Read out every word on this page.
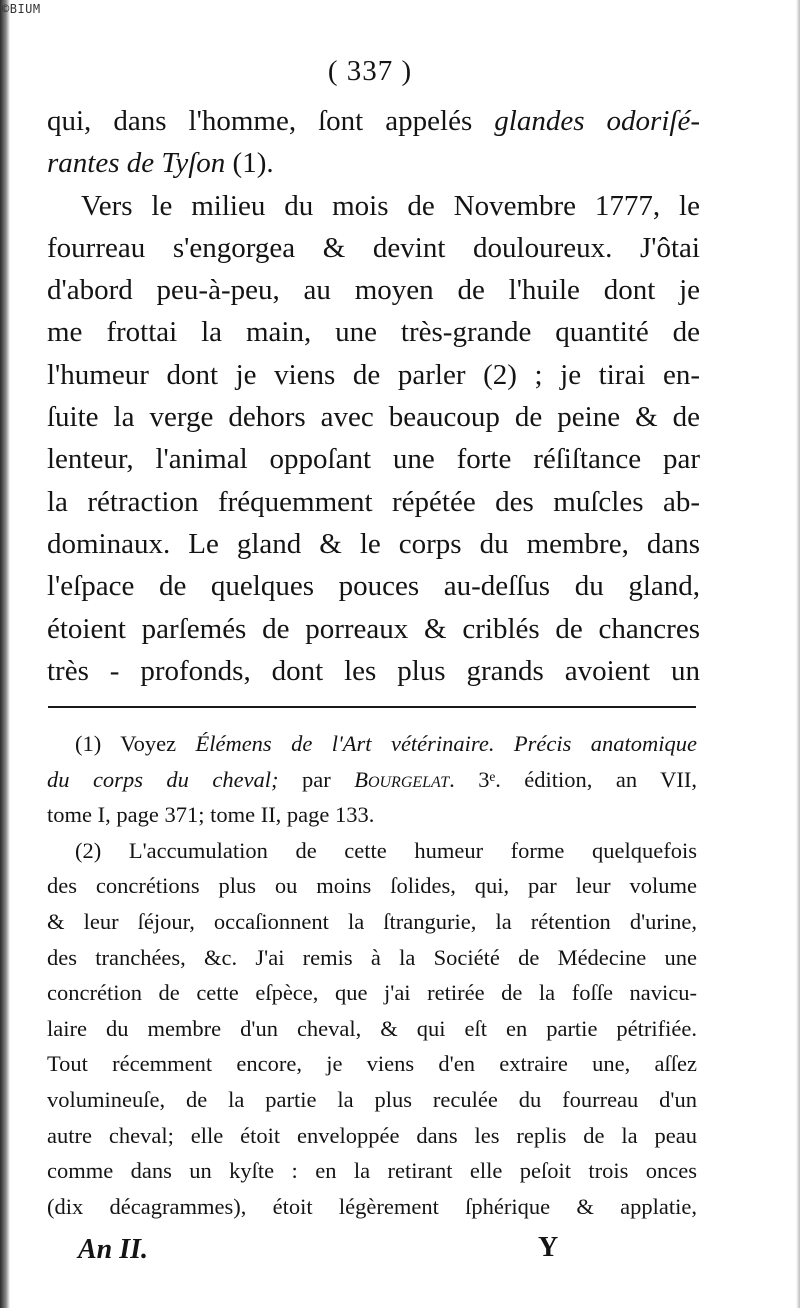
©BIUM
( 337 )
qui, dans l'homme, ſont appelés glandes odoriſé-
rantes de Tyſon (1).
Vers le milieu du mois de Novembre 1777, le
fourreau s'engorgea & devint douloureux. J'ôtai
d'abord peu-à-peu, au moyen de l'huile dont je
me frottai la main, une très-grande quantité de
l'humeur dont je viens de parler (2) ; je tirai en-
ſuite la verge dehors avec beaucoup de peine & de
lenteur, l'animal oppoſant une forte réſiſtance par
la rétraction fréquemment répétée des muſcles ab-
dominaux. Le gland & le corps du membre, dans
l'eſpace de quelques pouces au-deſſus du gland,
étoient parſemés de porreaux & criblés de chancres
très - profonds, dont les plus grands avoient un
(1) Voyez Élémens de l'Art vétérinaire. Précis anatomique
du corps du cheval; par Bourgelat. 3ᵉ. édition, an VII,
tome I, page 371; tome II, page 133.
(2) L'accumulation de cette humeur forme quelquefois
des concrétions plus ou moins ſolides, qui, par leur volume
& leur ſéjour, occaſionnent la ſtrangurie, la rétention d'urine,
des tranchées, &c. J'ai remis à la Société de Médecine une
concrétion de cette eſpèce, que j'ai retirée de la foſſe navicu-
laire du membre d'un cheval, & qui eſt en partie pétrifiée.
Tout récemment encore, je viens d'en extraire une, aſſez
volumineuſe, de la partie la plus reculée du fourreau d'un
autre cheval; elle étoit enveloppée dans les replis de la peau
comme dans un kyſte : en la retirant elle peſoit trois onces
(dix décagrammes), étoit légèrement ſphérique & applatie,
An II.	Y
